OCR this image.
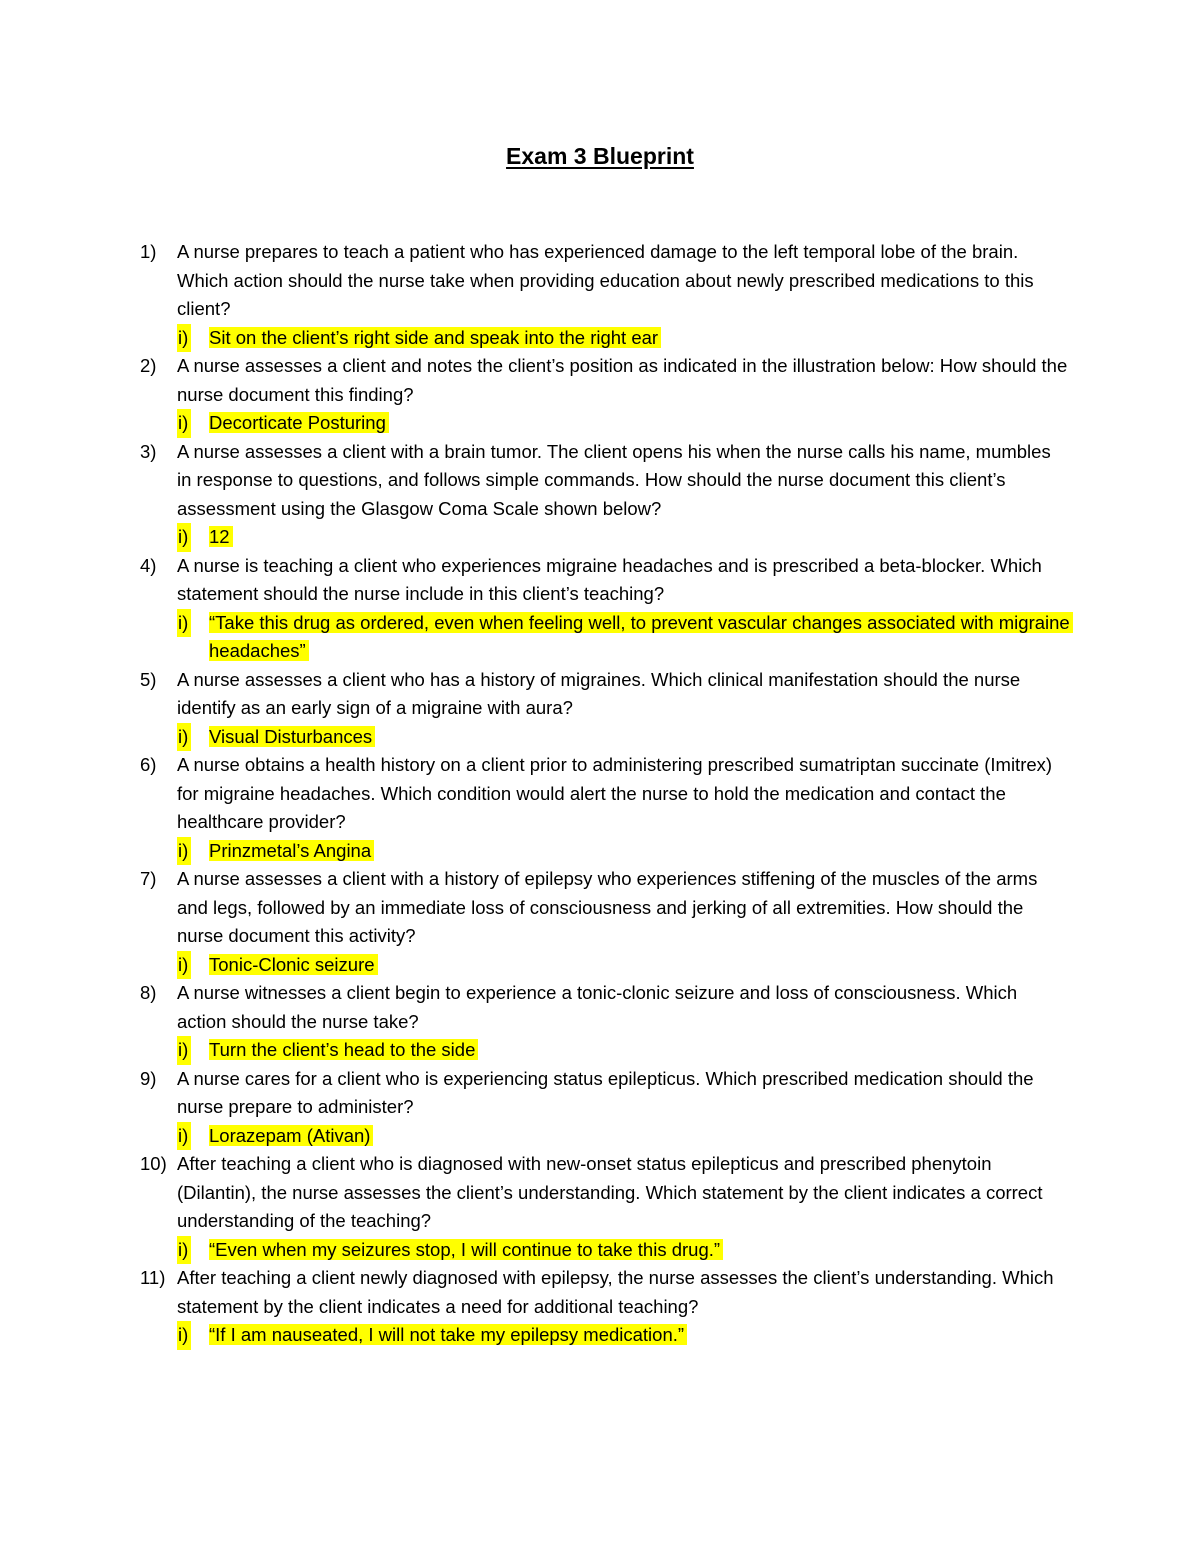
Exam 3 Blueprint
1) A nurse prepares to teach a patient who has experienced damage to the left temporal lobe of the brain. Which action should the nurse take when providing education about newly prescribed medications to this client?
i) Sit on the client’s right side and speak into the right ear
2) A nurse assesses a client and notes the client’s position as indicated in the illustration below: How should the nurse document this finding?
i) Decorticate Posturing
3) A nurse assesses a client with a brain tumor. The client opens his when the nurse calls his name, mumbles in response to questions, and follows simple commands. How should the nurse document this client’s assessment using the Glasgow Coma Scale shown below?
i) 12
4) A nurse is teaching a client who experiences migraine headaches and is prescribed a beta-blocker. Which statement should the nurse include in this client’s teaching?
i) “Take this drug as ordered, even when feeling well, to prevent vascular changes associated with migraine headaches”
5) A nurse assesses a client who has a history of migraines. Which clinical manifestation should the nurse identify as an early sign of a migraine with aura?
i) Visual Disturbances
6) A nurse obtains a health history on a client prior to administering prescribed sumatriptan succinate (Imitrex) for migraine headaches. Which condition would alert the nurse to hold the medication and contact the healthcare provider?
i) Prinzmetal’s Angina
7) A nurse assesses a client with a history of epilepsy who experiences stiffening of the muscles of the arms and legs, followed by an immediate loss of consciousness and jerking of all extremities. How should the nurse document this activity?
i) Tonic-Clonic seizure
8) A nurse witnesses a client begin to experience a tonic-clonic seizure and loss of consciousness. Which action should the nurse take?
i) Turn the client’s head to the side
9) A nurse cares for a client who is experiencing status epilepticus. Which prescribed medication should the nurse prepare to administer?
i) Lorazepam (Ativan)
10) After teaching a client who is diagnosed with new-onset status epilepticus and prescribed phenytoin (Dilantin), the nurse assesses the client’s understanding. Which statement by the client indicates a correct understanding of the teaching?
i) “Even when my seizures stop, I will continue to take this drug.”
11) After teaching a client newly diagnosed with epilepsy, the nurse assesses the client’s understanding. Which statement by the client indicates a need for additional teaching?
i) “If I am nauseated, I will not take my epilepsy medication.”
